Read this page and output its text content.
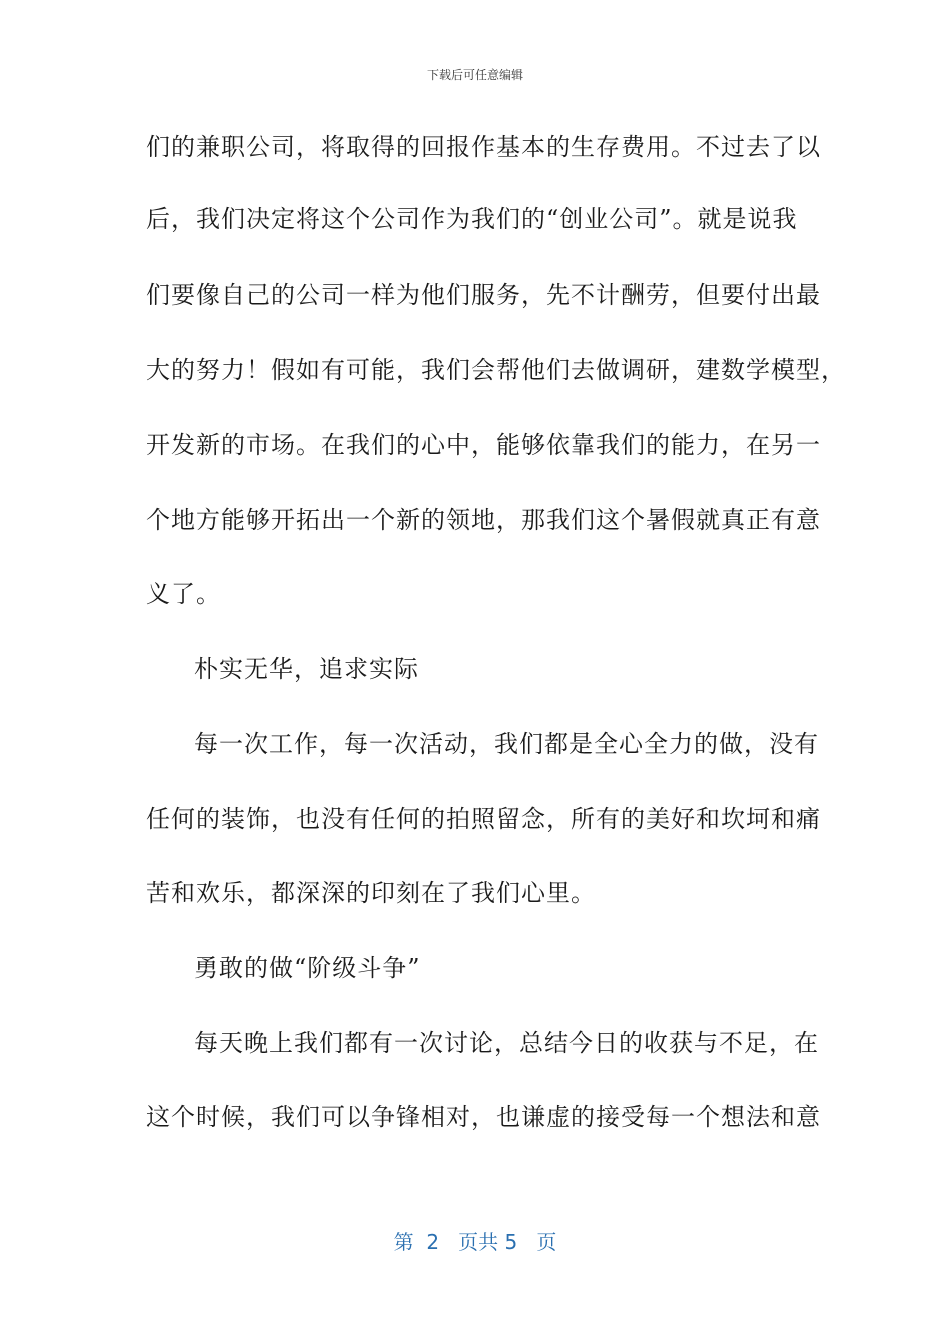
下载后可任意编辑
们的兼职公司，将取得的回报作基本的生存费用。不过去了以
后，我们决定将这个公司作为我们的“创业公司”。就是说我
们要像自己的公司一样为他们服务，先不计酬劳，但要付出最
大的努力！假如有可能，我们会帮他们去做调研，建数学模型，
开发新的市场。在我们的心中，能够依靠我们的能力，在另一
个地方能够开拓出一个新的领地，那我们这个暑假就真正有意
义了。
朴实无华，追求实际
每一次工作，每一次活动，我们都是全心全力的做，没有
任何的装饰，也没有任何的拍照留念，所有的美好和坎坷和痛
苦和欢乐，都深深的印刻在了我们心里。
勇敢的做“阶级斗争”
每天晚上我们都有一次讨论，总结今日的收获与不足，在
这个时候，我们可以争锋相对，也谦虚的接受每一个想法和意
第  2   页共 5   页
